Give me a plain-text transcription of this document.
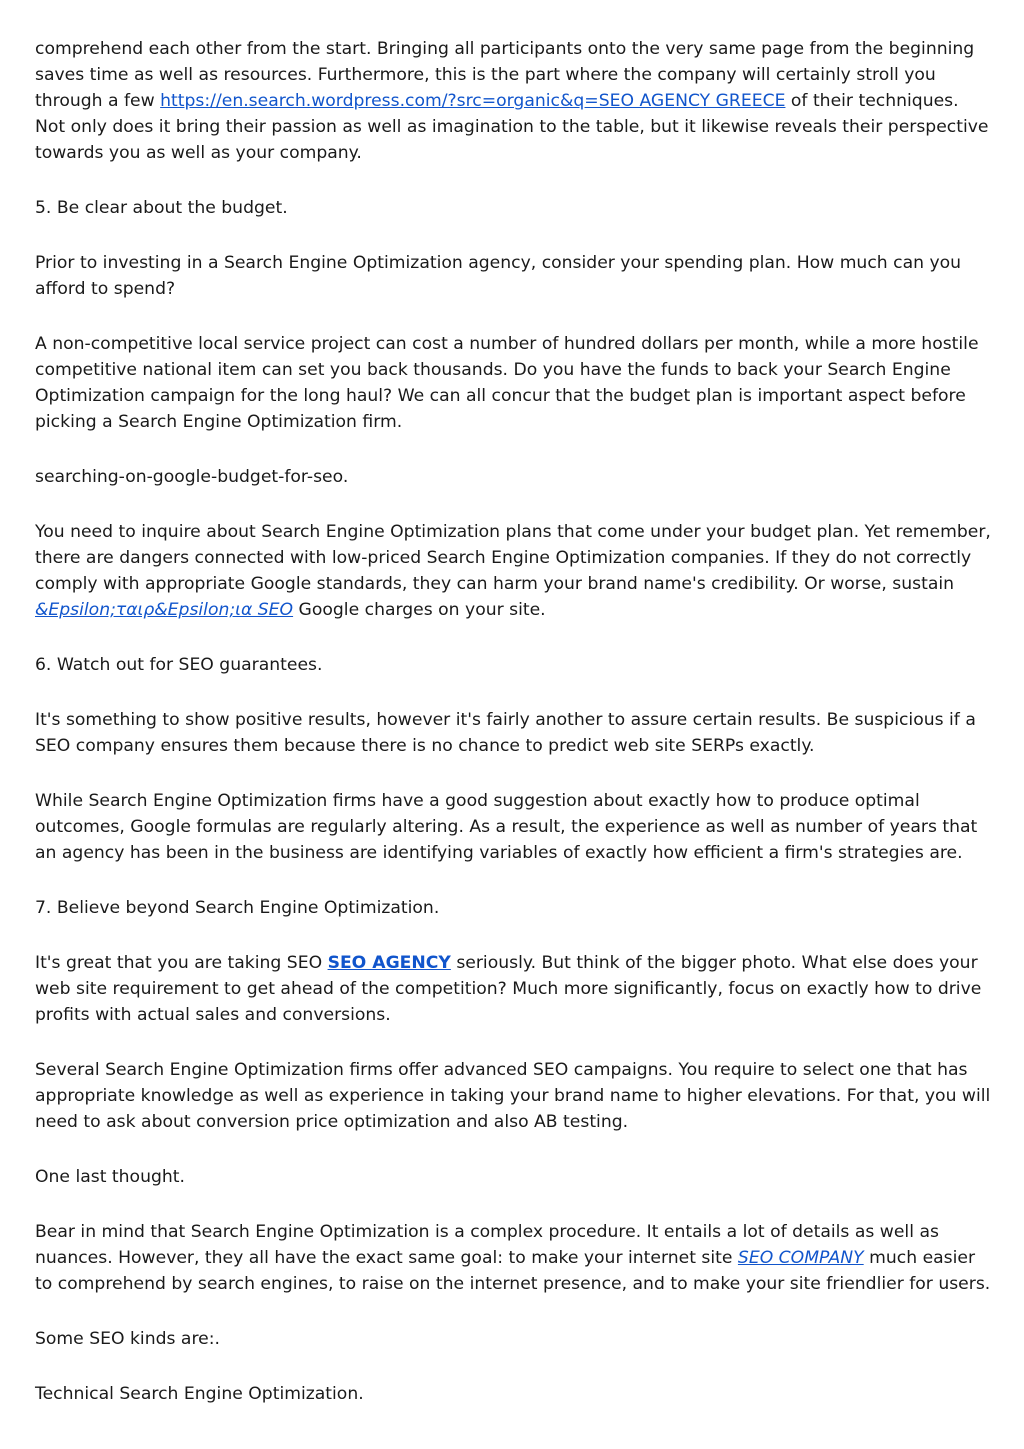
comprehend each other from the start. Bringing all participants onto the very same page from the beginning saves time as well as resources. Furthermore, this is the part where the company will certainly stroll you through a few https://en.search.wordpress.com/?src=organic&q=SEO AGENCY GREECE of their techniques. Not only does it bring their passion as well as imagination to the table, but it likewise reveals their perspective towards you as well as your company.

5. Be clear about the budget.

Prior to investing in a Search Engine Optimization agency, consider your spending plan. How much can you afford to spend?

A non-competitive local service project can cost a number of hundred dollars per month, while a more hostile competitive national item can set you back thousands. Do you have the funds to back your Search Engine Optimization campaign for the long haul? We can all concur that the budget plan is important aspect before picking a Search Engine Optimization firm.

searching-on-google-budget-for-seo.

You need to inquire about Search Engine Optimization plans that come under your budget plan. Yet remember, there are dangers connected with low-priced Search Engine Optimization companies. If they do not correctly comply with appropriate Google standards, they can harm your brand name's credibility. Or worse, sustain &Epsilon;ταιρ&Epsilon;ια SEO Google charges on your site.

6. Watch out for SEO guarantees.

It's something to show positive results, however it's fairly another to assure certain results. Be suspicious if a SEO company ensures them because there is no chance to predict web site SERPs exactly.

While Search Engine Optimization firms have a good suggestion about exactly how to produce optimal outcomes, Google formulas are regularly altering. As a result, the experience as well as number of years that an agency has been in the business are identifying variables of exactly how efficient a firm's strategies are.

7. Believe beyond Search Engine Optimization.

It's great that you are taking SEO SEO AGENCY seriously. But think of the bigger photo. What else does your web site requirement to get ahead of the competition? Much more significantly, focus on exactly how to drive profits with actual sales and conversions.

Several Search Engine Optimization firms offer advanced SEO campaigns. You require to select one that has appropriate knowledge as well as experience in taking your brand name to higher elevations. For that, you will need to ask about conversion price optimization and also AB testing.

One last thought.

Bear in mind that Search Engine Optimization is a complex procedure. It entails a lot of details as well as nuances. However, they all have the exact same goal: to make your internet site SEO COMPANY much easier to comprehend by search engines, to raise on the internet presence, and to make your site friendlier for users.

Some SEO kinds are:.

Technical Search Engine Optimization.
